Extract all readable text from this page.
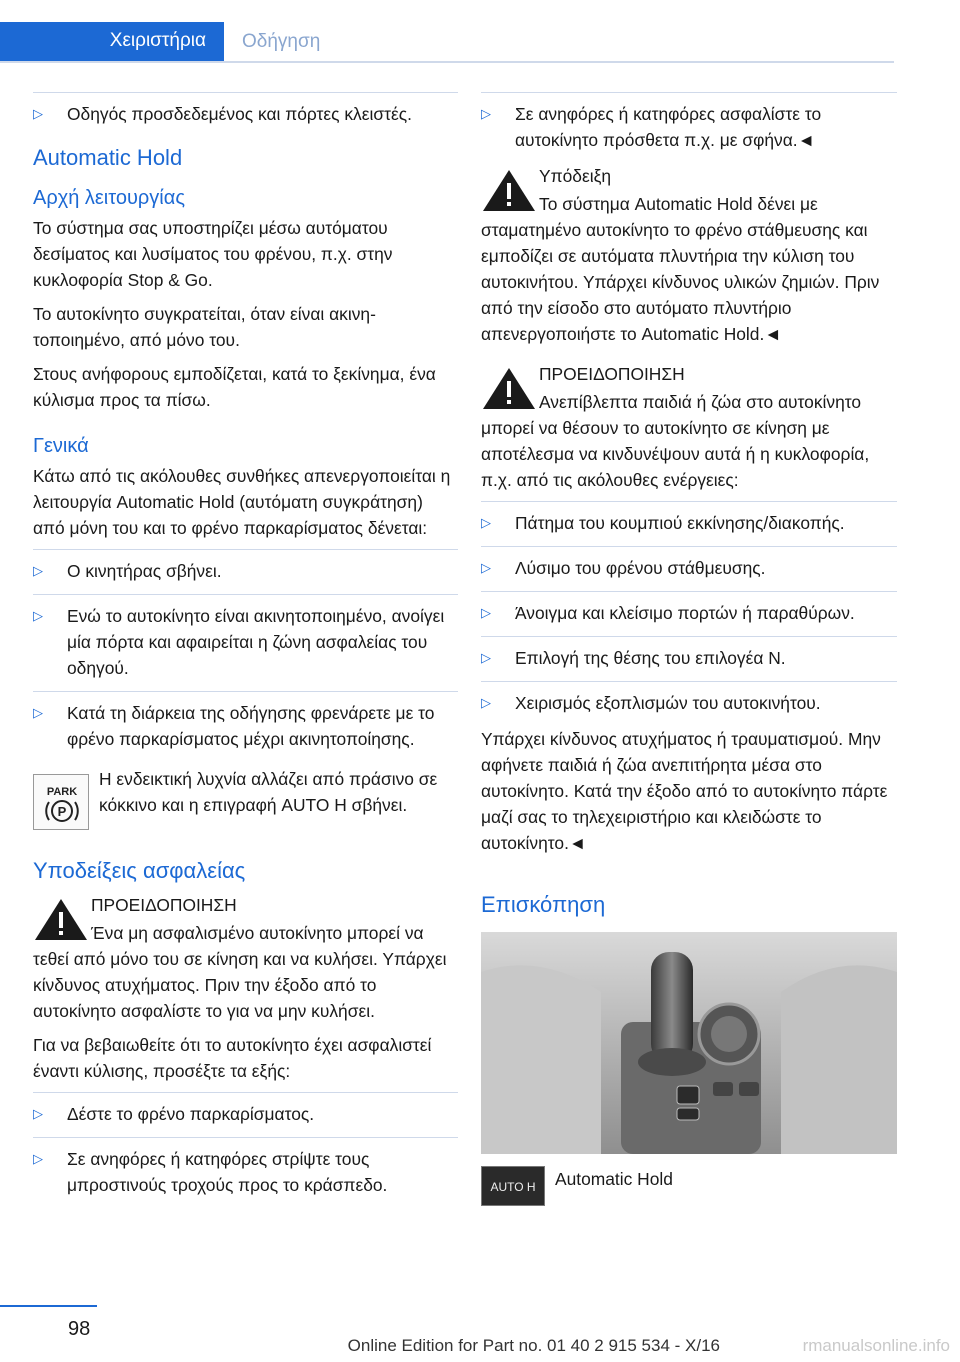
Χειριστήρια	Οδήγηση
▷	Οδηγός προσδεδεμένος και πόρτες κλειστές.
Automatic Hold
Αρχή λειτουργίας

Το σύστημα σας υποστηρίζει μέσω αυτόματου δεσίματος και λυσίματος του φρένου, π.χ. στην κυκλοφορία Stop & Go.

Το αυτοκίνητο συγκρατείται, όταν είναι ακινητοποιημένο, από μόνο του.

Στους ανήφορους εμποδίζεται, κατά το ξεκίνημα, ένα κύλισμα προς τα πίσω.

Γενικά

Κάτω από τις ακόλουθες συνθήκες απενεργοποιείται η λειτουργία Automatic Hold (αυτόματη συγκράτηση) από μόνη του και το φρένο παρκαρίσματος δένεται:

▷	Ο κινητήρας σβήνει.
▷	Ενώ το αυτοκίνητο είναι ακινητοποιημένο, ανοίγει μία πόρτα και αφαιρείται η ζώνη ασφαλείας του οδηγού.
▷	Κατά τη διάρκεια της οδήγησης φρενάρετε με το φρένο παρκαρίσματος μέχρι ακινητοποίησης.
PARK
P
Η ενδεικτική λυχνία αλλάζει από πράσινο σε κόκκινο και η επιγραφή AUTO H σβήνει.
Υποδείξεις ασφαλείας
ΠΡΟΕΙΔΟΠΟΙΗΣΗ
Ένα μη ασφαλισμένο αυτοκίνητο μπορεί να τεθεί από μόνο του σε κίνηση και να κυλήσει. Υπάρχει κίνδυνος ατυχήματος. Πριν την έξοδο από το αυτοκίνητο ασφαλίστε το για να μην κυλήσει.

Για να βεβαιωθείτε ότι το αυτοκίνητο έχει ασφαλιστεί έναντι κύλισης, προσέξτε τα εξής:

▷	Δέστε το φρένο παρκαρίσματος.
▷	Σε ανηφόρες ή κατηφόρες στρίψτε τους μπροστινούς τροχούς προς το κράσπεδο.
▷	Σε ανηφόρες ή κατηφόρες ασφαλίστε το αυτοκίνητο πρόσθετα π.χ. με σφήνα.◄
Υπόδειξη
Το σύστημα Automatic Hold δένει με σταματημένο αυτοκίνητο το φρένο στάθμευσης και εμποδίζει σε αυτόματα πλυντήρια την κύλιση του αυτοκινήτου. Υπάρχει κίνδυνος υλικών ζημιών. Πριν από την είσοδο στο αυτόματο πλυντήριο απενεργοποιήστε το Automatic Hold.◄
ΠΡΟΕΙΔΟΠΟΙΗΣΗ
Ανεπίβλεπτα παιδιά ή ζώα στο αυτοκίνητο μπορεί να θέσουν το αυτοκίνητο σε κίνηση με αποτέλεσμα να κινδυνέψουν αυτά ή η κυκλοφορία, π.χ. από τις ακόλουθες ενέργειες:
▷	Πάτημα του κουμπιού εκκίνησης/διακοπής.
▷	Λύσιμο του φρένου στάθμευσης.
▷	Άνοιγμα και κλείσιμο πορτών ή παραθύρων.
▷	Επιλογή της θέσης του επιλογέα N.
▷	Χειρισμός εξοπλισμών του αυτοκινήτου.

Υπάρχει κίνδυνος ατυχήματος ή τραυματισμού. Μην αφήνετε παιδιά ή ζώα ανεπιτήρητα μέσα στο αυτοκίνητο. Κατά την έξοδο από το αυτοκίνητο πάρτε μαζί σας το τηλεχειριστήριο και κλειδώστε το αυτοκίνητο.◄

Επισκόπηση
AUTO H	Automatic Hold
98
Online Edition for Part no. 01 40 2 915 534 - X/16	rmanualsonline.info
